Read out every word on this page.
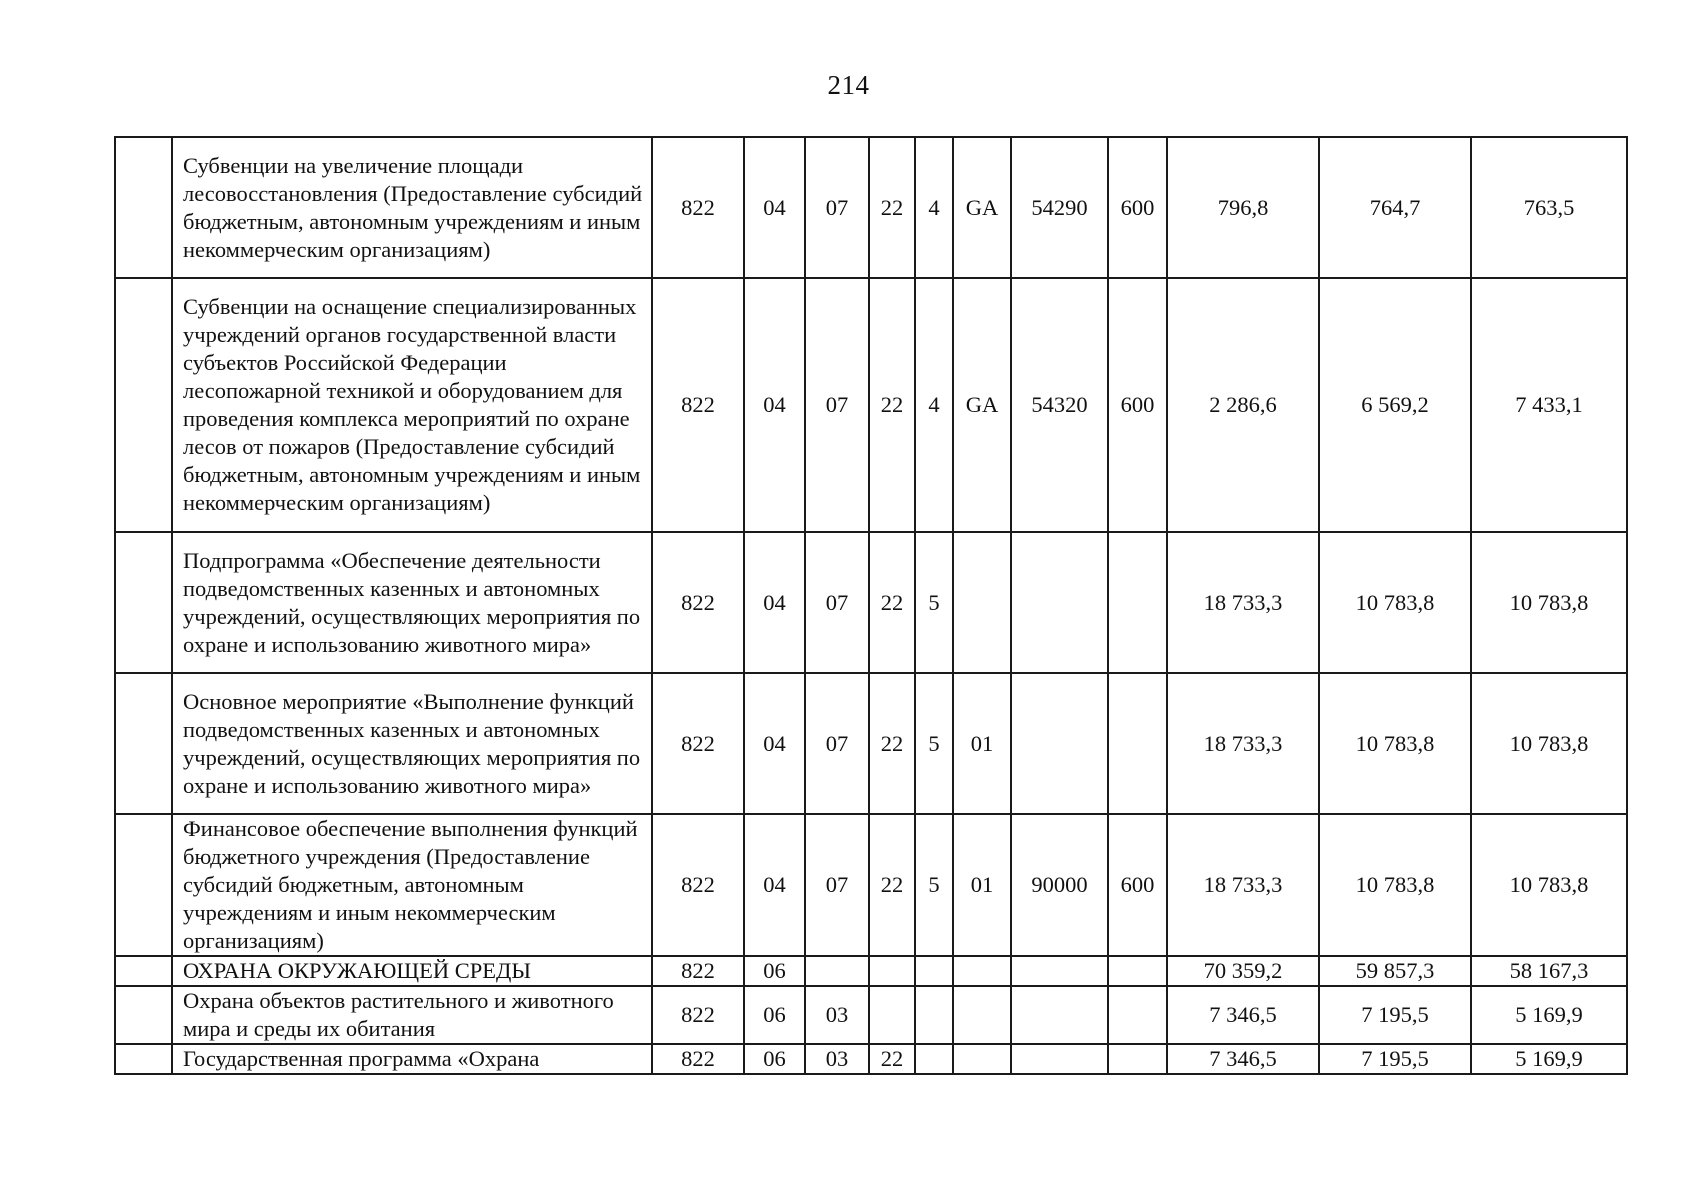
214
	Субвенции на увеличение площади лесовосстановления (Предоставление субсидий бюджетным, автономным учреждениям и иным некоммерческим организациям)	822	04	07	22	4	GA	54290	600	796,8	764,7	763,5
	Субвенции на оснащение специализированных учреждений органов государственной власти субъектов Российской Федерации лесопожарной техникой и оборудованием для проведения комплекса мероприятий по охране лесов от пожаров (Предоставление субсидий бюджетным, автономным учреждениям и иным некоммерческим организациям)	822	04	07	22	4	GA	54320	600	2 286,6	6 569,2	7 433,1
	Подпрограмма «Обеспечение деятельности подведомственных казенных и автономных учреждений, осуществляющих мероприятия по охране и использованию животного мира»	822	04	07	22	5				18 733,3	10 783,8	10 783,8
	Основное мероприятие «Выполнение функций подведомственных казенных и автономных учреждений, осуществляющих мероприятия по охране и использованию животного мира»	822	04	07	22	5	01			18 733,3	10 783,8	10 783,8
	Финансовое обеспечение выполнения функций бюджетного учреждения (Предоставление субсидий бюджетным, автономным учреждениям и иным некоммерческим организациям)	822	04	07	22	5	01	90000	600	18 733,3	10 783,8	10 783,8
	ОХРАНА ОКРУЖАЮЩЕЙ СРЕДЫ	822	06							70 359,2	59 857,3	58 167,3
	Охрана объектов растительного и животного мира и среды их обитания	822	06	03						7 346,5	7 195,5	5 169,9
	Государственная программа «Охрана	822	06	03	22					7 346,5	7 195,5	5 169,9
